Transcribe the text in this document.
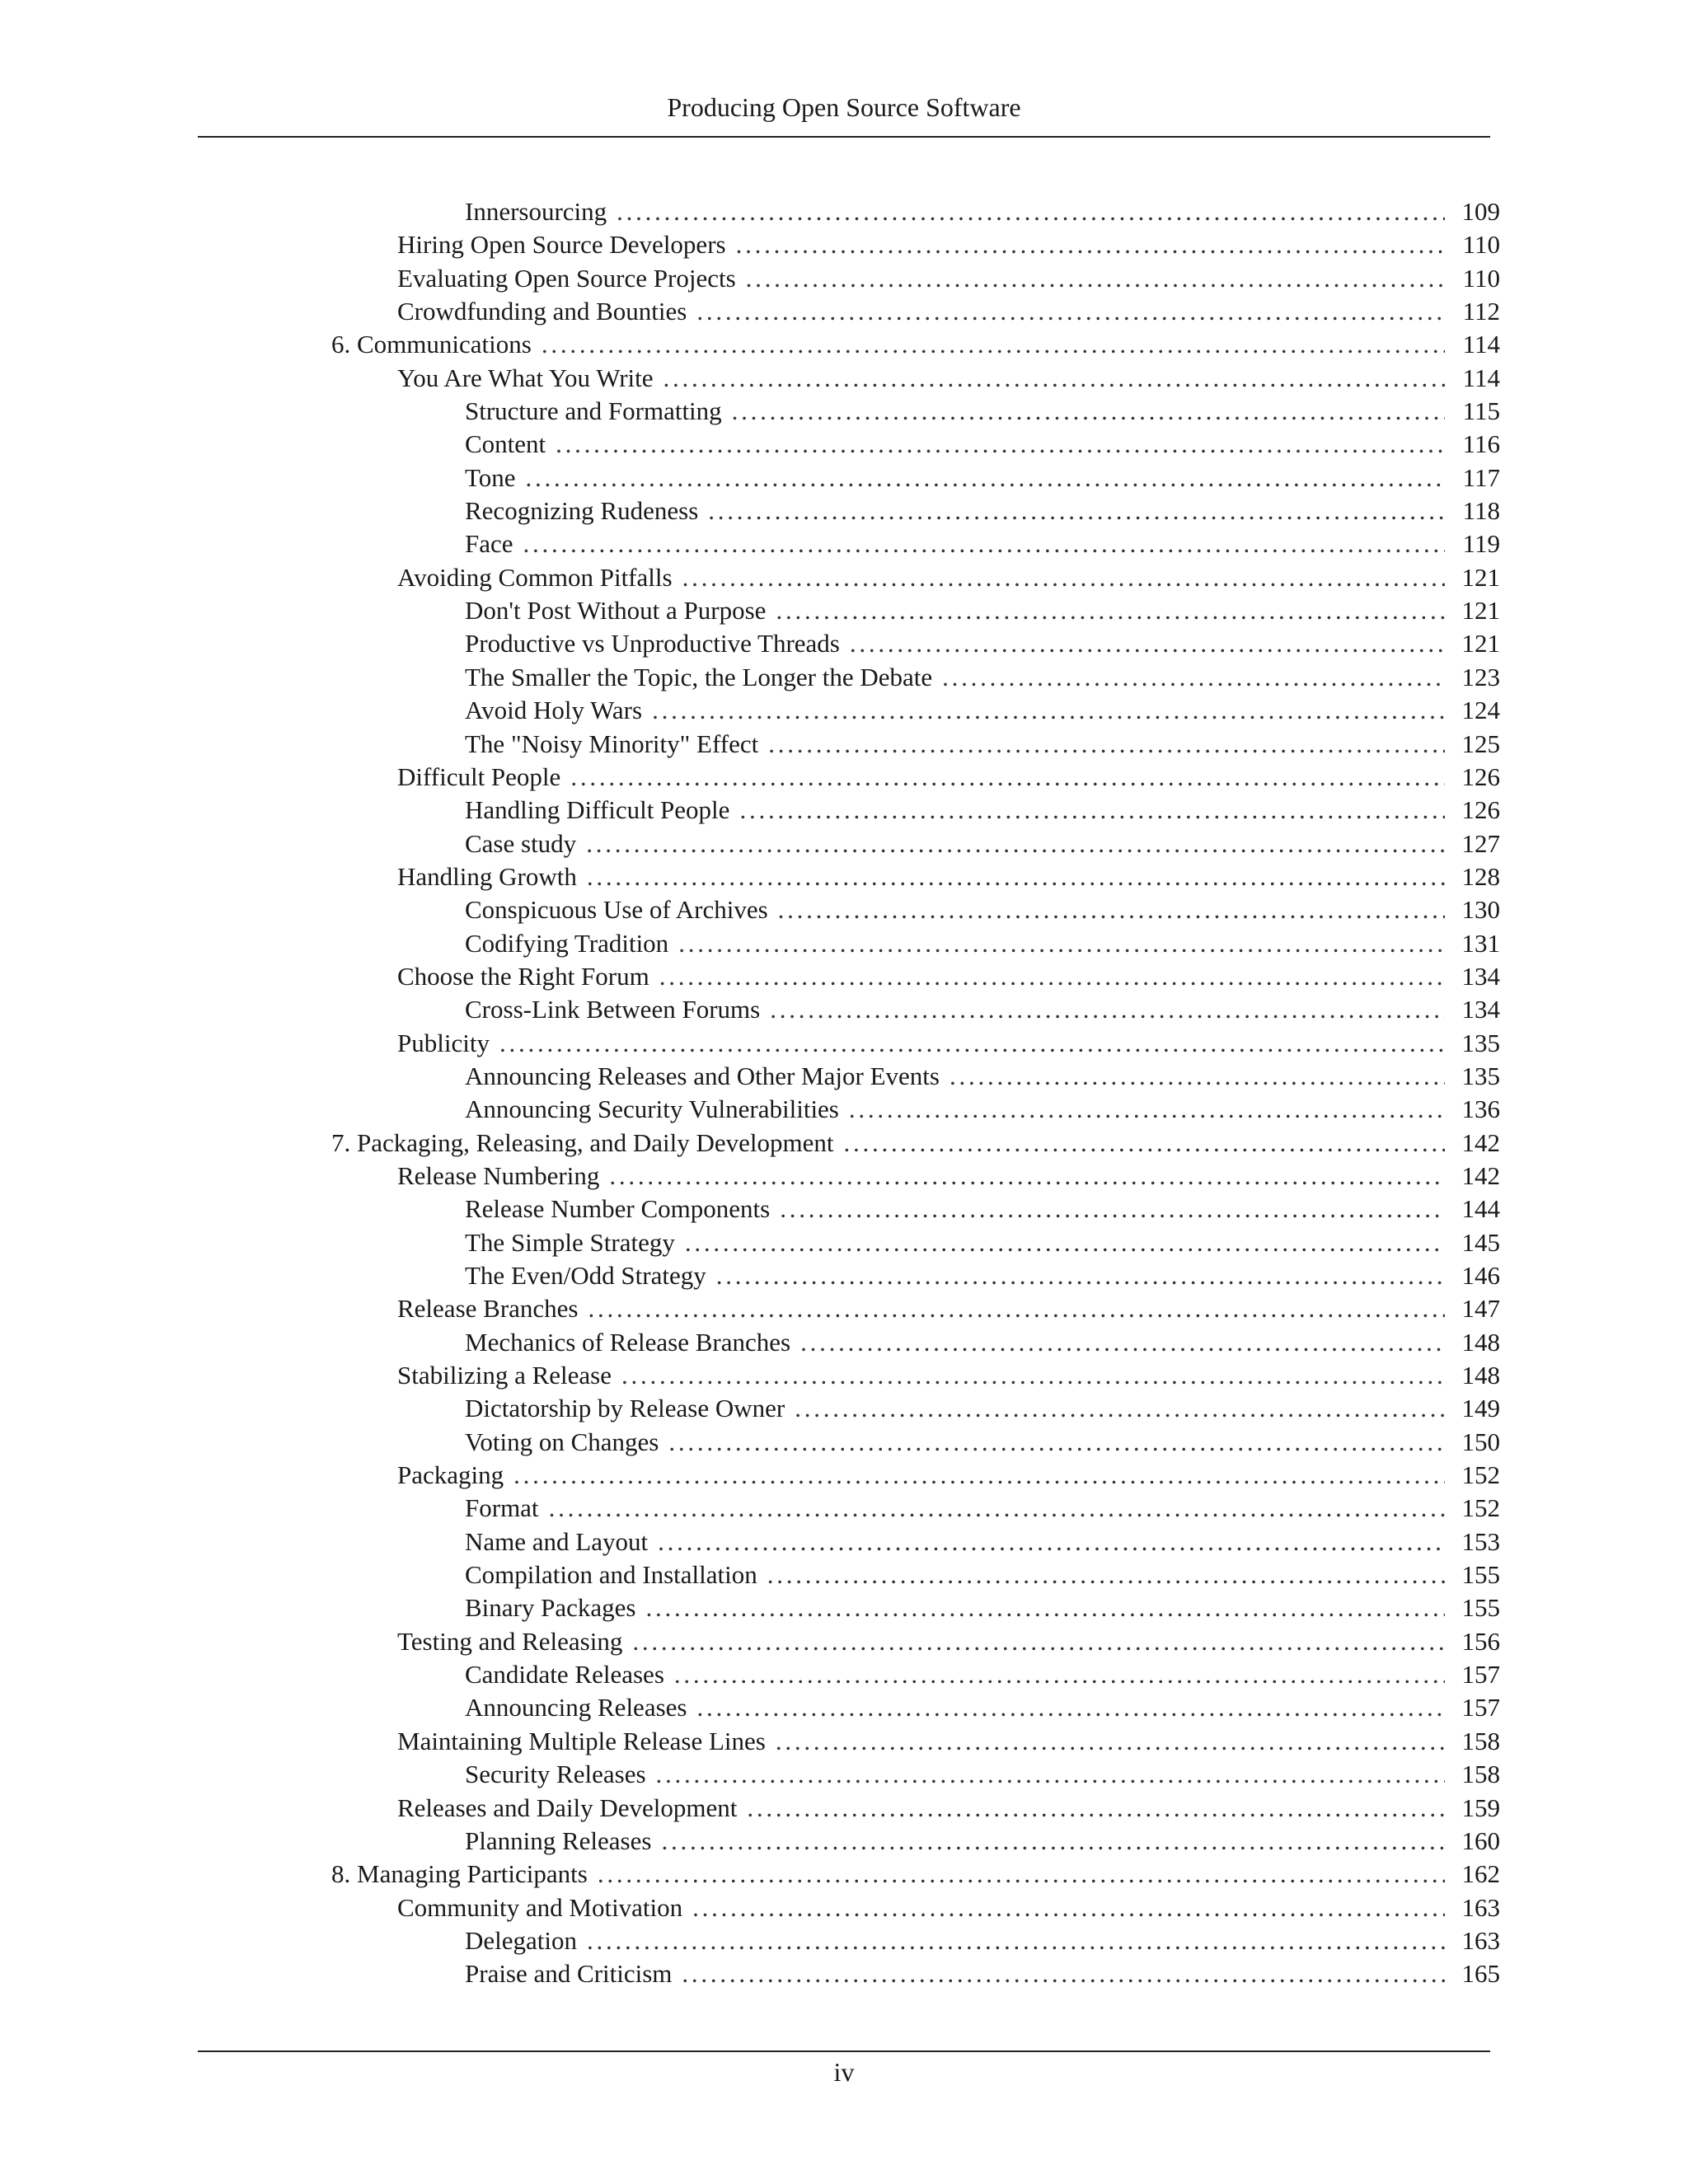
Producing Open Source Software
Innersourcing . . .	109
Hiring Open Source Developers . . .	110
Evaluating Open Source Projects . . .	110
Crowdfunding and Bounties . . .	112
6. Communications . . .	114
You Are What You Write . . .	114
Structure and Formatting . . .	115
Content . . .	116
Tone . . .	117
Recognizing Rudeness . . .	118
Face . . .	119
Avoiding Common Pitfalls . . .	121
Don't Post Without a Purpose . . .	121
Productive vs Unproductive Threads . . .	121
The Smaller the Topic, the Longer the Debate . . .	123
Avoid Holy Wars . . .	124
The "Noisy Minority" Effect . . .	125
Difficult People . . .	126
Handling Difficult People . . .	126
Case study . . .	127
Handling Growth . . .	128
Conspicuous Use of Archives . . .	130
Codifying Tradition . . .	131
Choose the Right Forum . . .	134
Cross-Link Between Forums . . .	134
Publicity . . .	135
Announcing Releases and Other Major Events . . .	135
Announcing Security Vulnerabilities . . .	136
7. Packaging, Releasing, and Daily Development . . .	142
Release Numbering . . .	142
Release Number Components . . .	144
The Simple Strategy . . .	145
The Even/Odd Strategy . . .	146
Release Branches . . .	147
Mechanics of Release Branches . . .	148
Stabilizing a Release . . .	148
Dictatorship by Release Owner . . .	149
Voting on Changes . . .	150
Packaging . . .	152
Format . . .	152
Name and Layout . . .	153
Compilation and Installation . . .	155
Binary Packages . . .	155
Testing and Releasing . . .	156
Candidate Releases . . .	157
Announcing Releases . . .	157
Maintaining Multiple Release Lines . . .	158
Security Releases . . .	158
Releases and Daily Development . . .	159
Planning Releases . . .	160
8. Managing Participants . . .	162
Community and Motivation . . .	163
Delegation . . .	163
Praise and Criticism . . .	165
iv
